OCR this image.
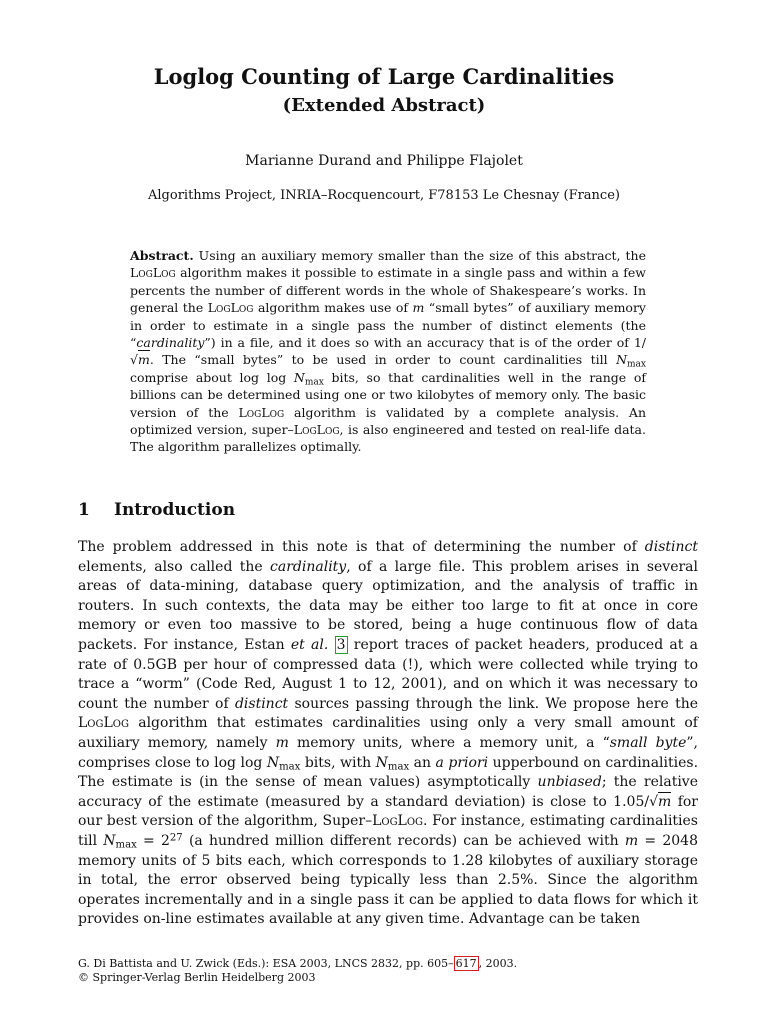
Loglog Counting of Large Cardinalities
(Extended Abstract)
Marianne Durand and Philippe Flajolet
Algorithms Project, INRIA–Rocquencourt, F78153 Le Chesnay (France)

Abstract. Using an auxiliary memory smaller than the size of this abstract, the LogLog algorithm makes it possible to estimate in a single pass and within a few percents the number of different words in the whole of Shakespeare’s works. In general the LogLog algorithm makes use of m “small bytes” of auxiliary memory in order to estimate in a single pass the number of distinct elements (the “cardinality”) in a file, and it does so with an accuracy that is of the order of 1/√m. The “small bytes” to be used in order to count cardinalities till $N_{max}$ comprise about $\log \log N_{max}$ bits, so that cardinalities well in the range of billions can be determined using one or two kilobytes of memory only. The basic version of the LogLog algorithm is validated by a complete analysis. An optimized version, super–LogLog, is also engineered and tested on real-life data. The algorithm parallelizes optimally.

1 Introduction

The problem addressed in this note is that of determining the number of distinct elements, also called the cardinality, of a large file. This problem arises in several areas of data-mining, database query optimization, and the analysis of traffic in routers. In such contexts, the data may be either too large to fit at once in core memory or even too massive to be stored, being a huge continuous flow of data packets. For instance, Estan et al. 3 report traces of packet headers, produced at a rate of 0.5GB per hour of compressed data (!), which were collected while trying to trace a “worm” (Code Red, August 1 to 12, 2001), and on which it was necessary to count the number of distinct sources passing through the link. We propose here the LogLog algorithm that estimates cardinalities using only a very small amount of auxiliary memory, namely m memory units, where a memory unit, a “small byte”, comprises close to $\log \log N_{max}$ bits, with $N_{max}$ an a priori upperbound on cardinalities. The estimate is (in the sense of mean values) asymptotically unbiased; the relative accuracy of the estimate (measured by a standard deviation) is close to 1.05/√m for our best version of the algorithm, Super–LogLog. For instance, estimating cardinalities till $N_{max} = 2^{27}$ (a hundred million different records) can be achieved with m = 2048 memory units of 5 bits each, which corresponds to 1.28 kilobytes of auxiliary storage in total, the error observed being typically less than 2.5%. Since the algorithm operates incrementally and in a single pass it can be applied to data flows for which it provides on-line estimates available at any given time. Advantage can be taken

G. Di Battista and U. Zwick (Eds.): ESA 2003, LNCS 2832, pp. 605– 617 , 2003.
© Springer-Verlag Berlin Heidelberg 2003
